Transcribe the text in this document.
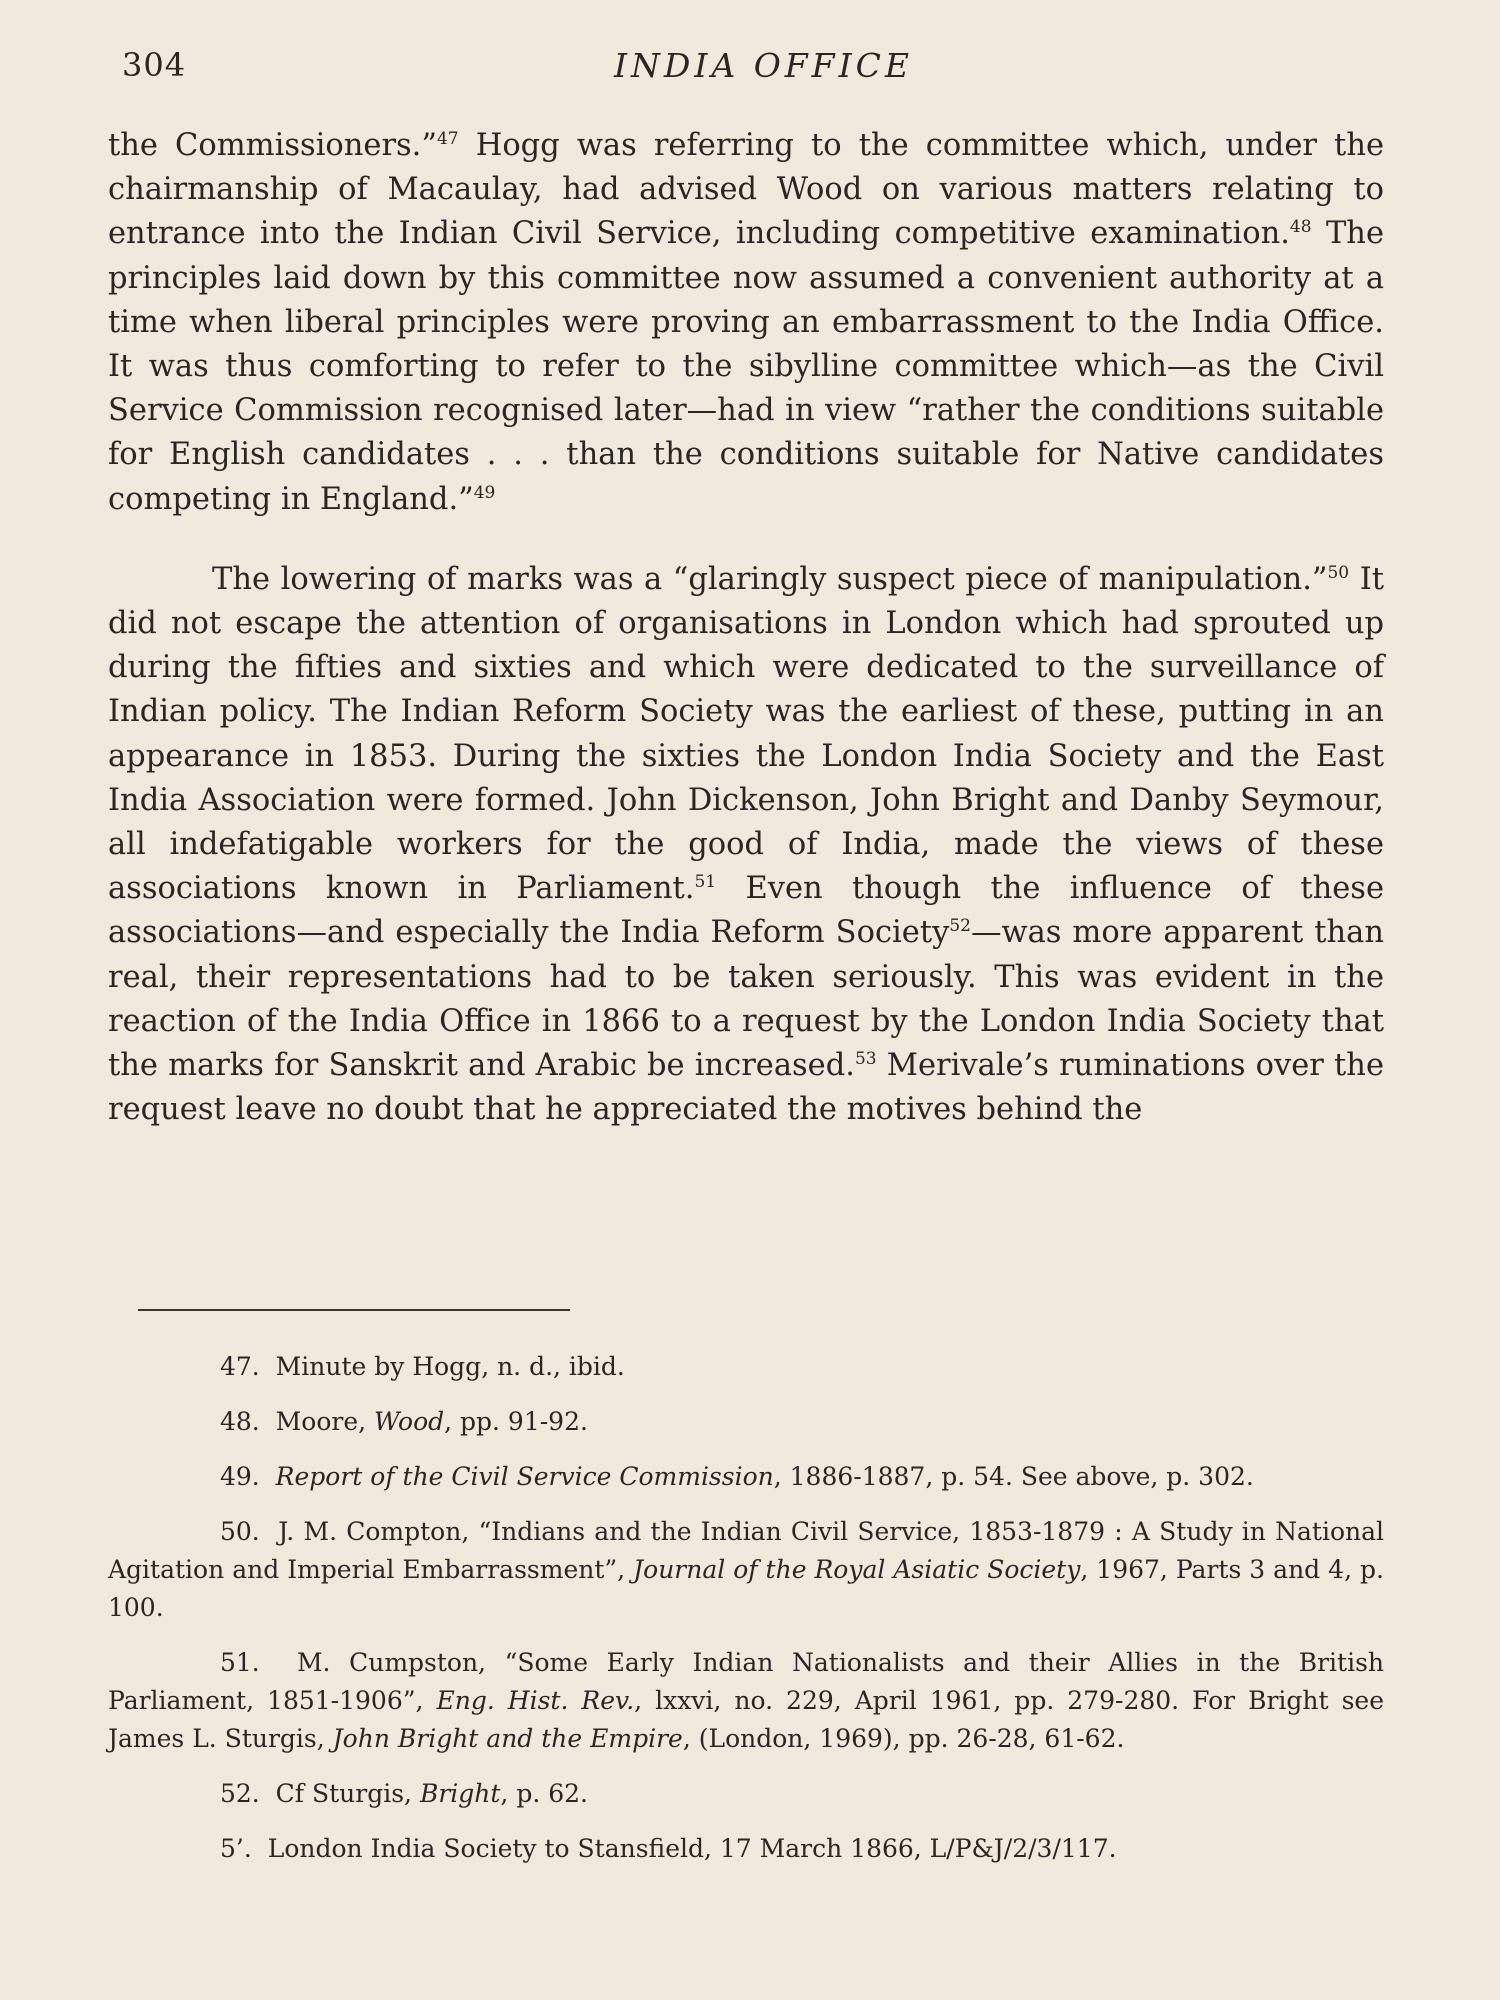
304	INDIA OFFICE

the Commissioners.”$^{47}$ Hogg was referring to the committee which, under the chairmanship of Macaulay, had advised Wood on various matters relating to entrance into the Indian Civil Service, including competitive examination.$^{48}$ The principles laid down by this committee now assumed a convenient authority at a time when liberal principles were proving an embarrassment to the India Office. It was thus comforting to refer to the sibylline committee which—as the Civil Service Commission recognised later—had in view “rather the conditions suitable for English candidates . . . than the conditions suitable for Native candidates competing in England.”$^{49}$

The lowering of marks was a “glaringly suspect piece of manipulation.”$^{50}$ It did not escape the attention of organisations in London which had sprouted up during the fifties and sixties and which were dedicated to the surveillance of Indian policy. The Indian Reform Society was the earliest of these, putting in an appearance in 1853. During the sixties the London India Society and the East India Association were formed. John Dickenson, John Bright and Danby Seymour, all indefatigable workers for the good of India, made the views of these associations known in Parliament.$^{51}$ Even though the influence of these associations—and especially the India Reform Society$^{52}$—was more apparent than real, their representations had to be taken seriously. This was evident in the reaction of the India Office in 1866 to a request by the London India Society that the marks for Sanskrit and Arabic be increased.$^{53}$ Merivale’s ruminations over the request leave no doubt that he appreciated the motives behind the

47. Minute by Hogg, n. d., ibid.

48. Moore, Wood, pp. 91-92.

49. Report of the Civil Service Commission, 1886-1887, p. 54. See above, p. 302.

50. J. M. Compton, “Indians and the Indian Civil Service, 1853-1879 : A Study in National Agitation and Imperial Embarrassment”, Journal of the Royal Asiatic Society, 1967, Parts 3 and 4, p. 100.

51. M. Cumpston, “Some Early Indian Nationalists and their Allies in the British Parliament, 1851-1906”, Eng. Hist. Rev., lxxvi, no. 229, April 1961, pp. 279-280. For Bright see James L. Sturgis, John Bright and the Empire, (London, 1969), pp. 26-28, 61-62.

52. Cf Sturgis, Bright, p. 62.

5’. London India Society to Stansfield, 17 March 1866, L/P&J/2/3/117.
